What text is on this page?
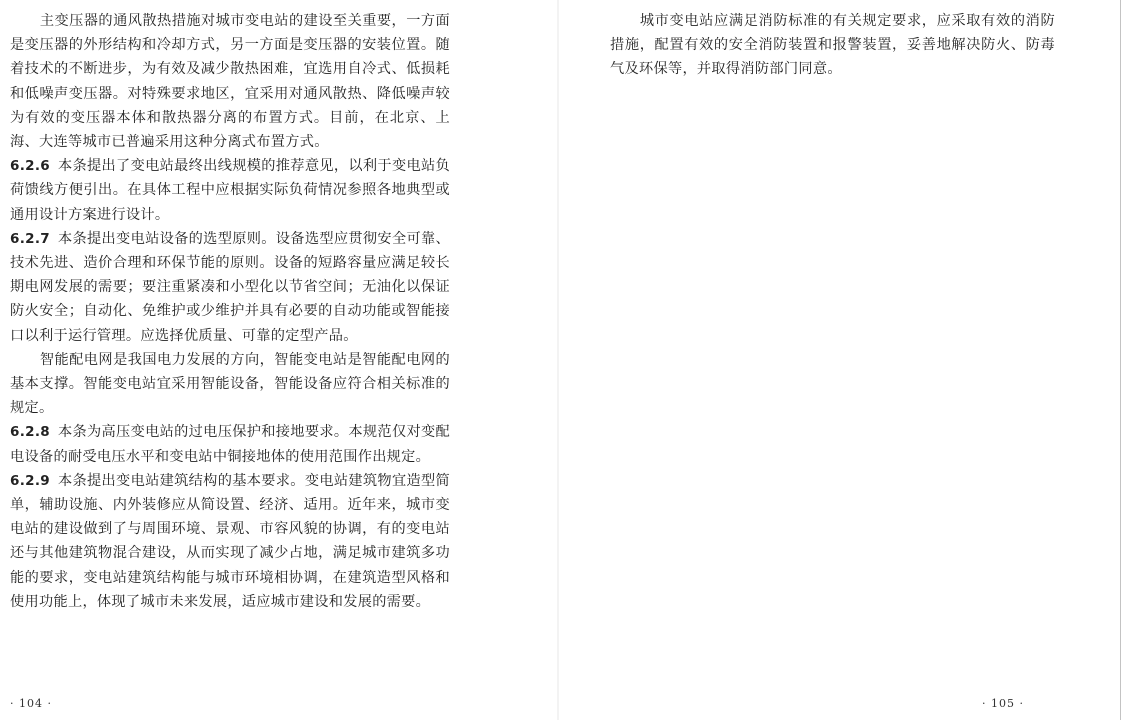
主变压器的通风散热措施对城市变电站的建设至关重要，一方面是变压器的外形结构和冷却方式，另一方面是变压器的安装位置。随着技术的不断进步，为有效及减少散热困难，宜选用自冷式、低损耗和低噪声变压器。对特殊要求地区，宜采用对通风散热、降低噪声较为有效的变压器本体和散热器分离的布置方式。目前，在北京、上海、大连等城市已普遍采用这种分离式布置方式。

6.2.6 本条提出了变电站最终出线规模的推荐意见，以利于变电站负荷馈线方便引出。在具体工程中应根据实际负荷情况参照各地典型或通用设计方案进行设计。

6.2.7 本条提出变电站设备的选型原则。设备选型应贯彻安全可靠、技术先进、造价合理和环保节能的原则。设备的短路容量应满足较长期电网发展的需要；要注重紧凑和小型化以节省空间；无油化以保证防火安全；自动化、免维护或少维护并具有必要的自动功能或智能接口以利于运行管理。应选择优质量、可靠的定型产品。

智能配电网是我国电力发展的方向，智能变电站是智能配电网的基本支撑。智能变电站宜采用智能设备，智能设备应符合相关标准的规定。

6.2.8 本条为高压变电站的过电压保护和接地要求。本规范仅对变配电设备的耐受电压水平和变电站中铜接地体的使用范围作出规定。

6.2.9 本条提出变电站建筑结构的基本要求。变电站建筑物宜造型简单，辅助设施、内外装修应从简设置、经济、适用。近年来，城市变电站的建设做到了与周围环境、景观、市容风貌的协调，有的变电站还与其他建筑物混合建设，从而实现了减少占地，满足城市建筑多功能的要求，变电站建筑结构能与城市环境相协调，在建筑造型风格和使用功能上，体现了城市未来发展，适应城市建设和发展的需要。

· 104 ·

城市变电站应满足消防标准的有关规定要求，应采取有效的消防措施，配置有效的安全消防装置和报警装置，妥善地解决防火、防毒气及环保等，并取得消防部门同意。

· 105 ·
